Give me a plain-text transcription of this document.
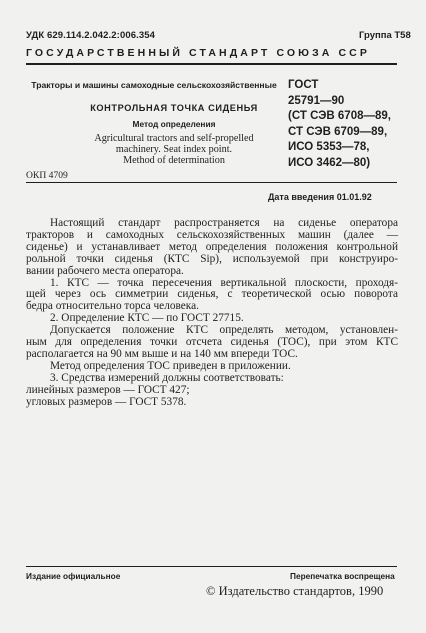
УДК 629.114.2.042.2:006.354	Группа Т58
ГОСУДАРСТВЕННЫЙ СТАНДАРТ СОЮЗА ССР
Тракторы и машины самоходные сельскохозяйственные
КОНТРОЛЬНАЯ ТОЧКА СИДЕНЬЯ
Метод определения
Agricultural tractors and self-propelled
machinery. Seat index point.
Method of determination
ГОСТ
25791—90
(СТ СЭВ 6708—89,
СТ СЭВ 6709—89,
ИСО 5353—78,
ИСО 3462—80)
ОКП 4709
Дата введения 01.01.92

Настоящий стандарт распространяется на сиденье оператора

тракторов и самоходных сельскохозяйственных машин (далее —

сиденье) и устанавливает метод определения положения контрольной

рольной точки сиденья (КТС Sip), используемой при конструиро-

вании рабочего места оператора.

1. КТС — точка пересечения вертикальной плоскости, проходя-

щей через ось симметрии сиденья, с теоретической осью поворота

бедра относительно торса человека.

2. Определение КТС — по ГОСТ 27715.

Допускается положение КТС определять методом, установлен-

ным для определения точки отсчета сиденья (ТОС), при этом КТС

располагается на 90 мм выше и на 140 мм впереди ТОС.

Метод определения ТОС приведен в приложении.

3. Средства измерений должны соответствовать:

линейных размеров — ГОСТ 427;

угловых размеров — ГОСТ 5378.

Издание официальное	Перепечатка воспрещена
© Издательство стандартов, 1990
